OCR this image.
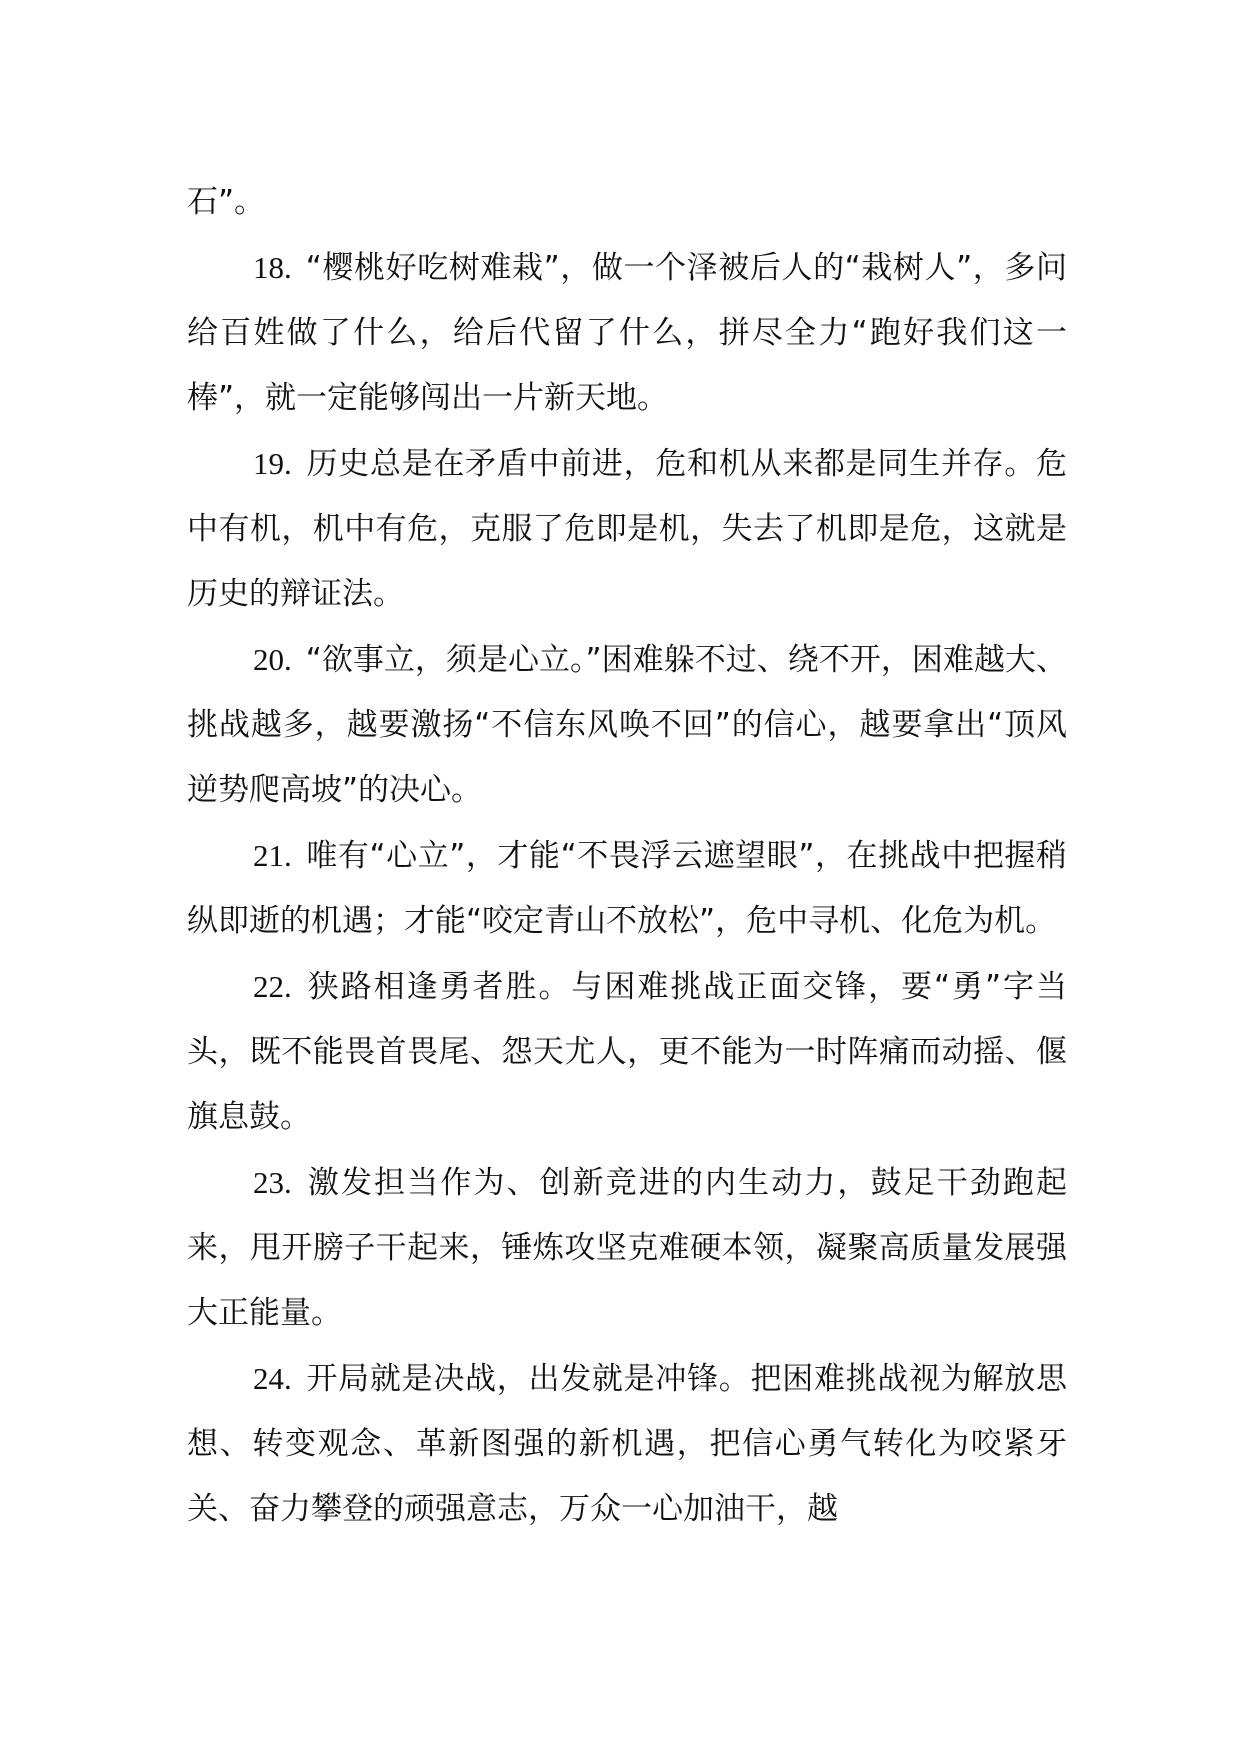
石”。

18. “樱桃好吃树难栽”，做一个泽被后人的“栽树人”，多问给百姓做了什么，给后代留了什么，拼尽全力“跑好我们这一棒”，就一定能够闯出一片新天地。

19. 历史总是在矛盾中前进，危和机从来都是同生并存。危中有机，机中有危，克服了危即是机，失去了机即是危，这就是历史的辩证法。

20. “欲事立，须是心立。”困难躲不过、绕不开，困难越大、挑战越多，越要激扬“不信东风唤不回”的信心，越要拿出“顶风逆势爬高坡”的决心。

21. 唯有“心立”，才能“不畏浮云遮望眼”，在挑战中把握稍纵即逝的机遇；才能“咬定青山不放松”，危中寻机、化危为机。

22. 狭路相逢勇者胜。与困难挑战正面交锋，要“勇”字当头，既不能畏首畏尾、怨天尤人，更不能为一时阵痛而动摇、偃旗息鼓。

23. 激发担当作为、创新竞进的内生动力，鼓足干劲跑起来，甩开膀子干起来，锤炼攻坚克难硬本领，凝聚高质量发展强大正能量。

24. 开局就是决战，出发就是冲锋。把困难挑战视为解放思想、转变观念、革新图强的新机遇，把信心勇气转化为咬紧牙关、奋力攀登的顽强意志，万众一心加油干，越
